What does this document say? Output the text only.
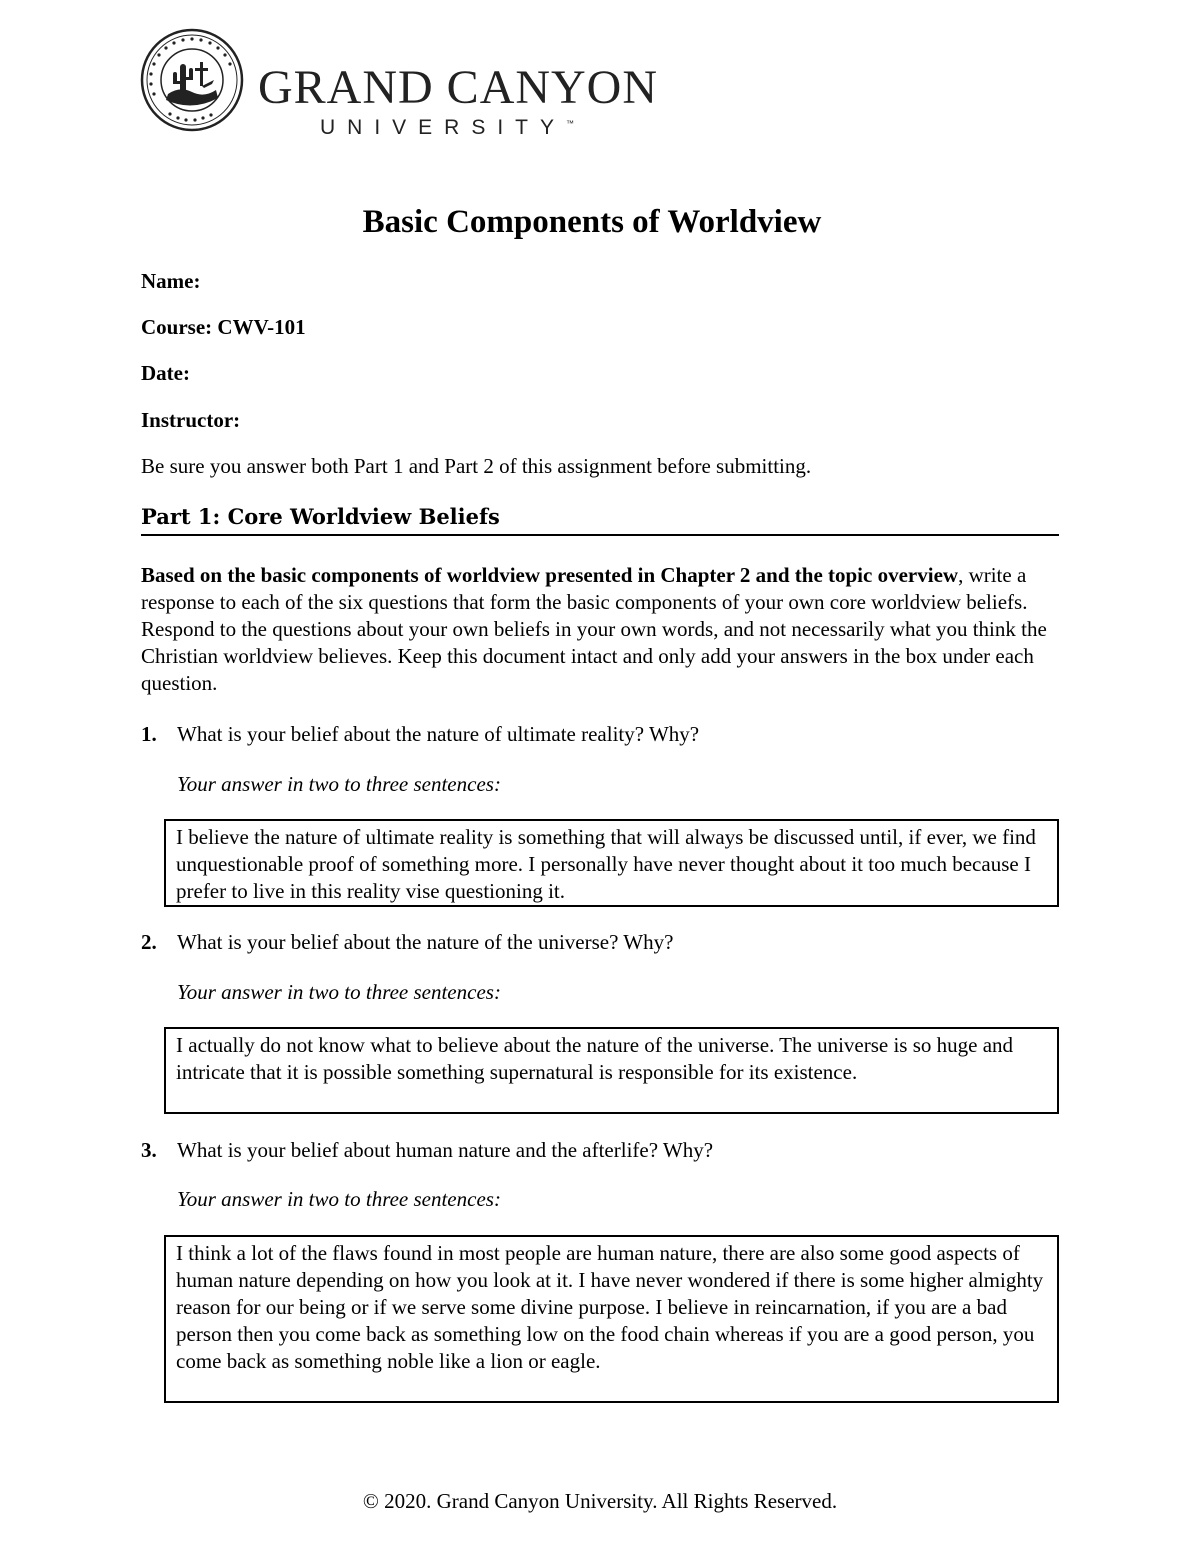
GRAND CANYON
UNIVERSITY™
Basic Components of Worldview
Name:
Course: CWV-101
Date:
Instructor:
Be sure you answer both Part 1 and Part 2 of this assignment before submitting.
Part 1: Core Worldview Beliefs
Based on the basic components of worldview presented in Chapter 2 and the topic overview, write a response to each of the six questions that form the basic components of your own core worldview beliefs. Respond to the questions about your own beliefs in your own words, and not necessarily what you think the Christian worldview believes. Keep this document intact and only add your answers in the box under each question.
1. What is your belief about the nature of ultimate reality? Why?
Your answer in two to three sentences:
I believe the nature of ultimate reality is something that will always be discussed until, if ever, we find unquestionable proof of something more. I personally have never thought about it too much because I prefer to live in this reality vise questioning it.
2. What is your belief about the nature of the universe? Why?
Your answer in two to three sentences:
I actually do not know what to believe about the nature of the universe. The universe is so huge and intricate that it is possible something supernatural is responsible for its existence.
3. What is your belief about human nature and the afterlife? Why?
Your answer in two to three sentences:
I think a lot of the flaws found in most people are human nature, there are also some good aspects of human nature depending on how you look at it. I have never wondered if there is some higher almighty reason for our being or if we serve some divine purpose. I believe in reincarnation, if you are a bad person then you come back as something low on the food chain whereas if you are a good person, you come back as something noble like a lion or eagle.
© 2020. Grand Canyon University. All Rights Reserved.
